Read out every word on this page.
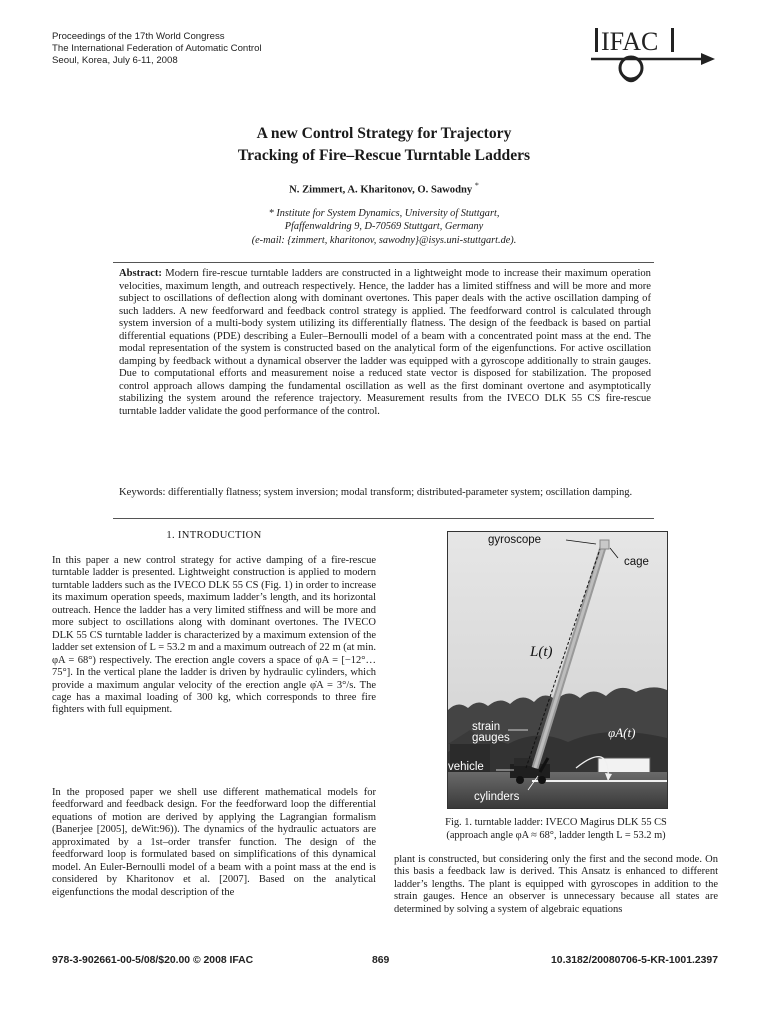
Proceedings of the 17th World Congress
The International Federation of Automatic Control
Seoul, Korea, July 6-11, 2008
IFAC
A new Control Strategy for Trajectory
Tracking of Fire–Rescue Turntable Ladders
N. Zimmert, A. Kharitonov, O. Sawodny *
* Institute for System Dynamics, University of Stuttgart,
Pfaffenwaldring 9, D-70569 Stuttgart, Germany
(e-mail: {zimmert, kharitonov, sawodny}@isys.uni-stuttgart.de).

Abstract: Modern fire-rescue turntable ladders are constructed in a lightweight mode to increase their maximum operation velocities, maximum length, and outreach respectively. Hence, the ladder has a limited stiffness and will be more and more subject to oscillations of deflection along with dominant overtones. This paper deals with the active oscillation damping of such ladders. A new feedforward and feedback control strategy is applied. The feedforward control is calculated through system inversion of a multi-body system utilizing its differentially flatness. The design of the feedback is based on partial differential equations (PDE) describing a Euler–Bernoulli model of a beam with a concentrated point mass at the end. The modal representation of the system is constructed based on the analytical form of the eigenfunctions. For active oscillation damping by feedback without a dynamical observer the ladder was equipped with a gyroscope additionally to strain gauges. Due to computational efforts and measurement noise a reduced state vector is disposed for stabilization. The proposed control approach allows damping the fundamental oscillation as well as the first dominant overtone and asymptotically stabilizing the system around the reference trajectory. Measurement results from the IVECO DLK 55 CS fire-rescue turntable ladder validate the good performance of the control.

Keywords: differentially flatness; system inversion; modal transform; distributed-parameter system; oscillation damping.

1. INTRODUCTION

In this paper a new control strategy for active damping of a fire-rescue turntable ladder is presented. Lightweight construction is applied to modern turntable ladders such as the IVECO DLK 55 CS (Fig. 1) in order to increase its maximum operation speeds, maximum ladder’s length, and its horizontal outreach. Hence the ladder has a very limited stiffness and will be more and more subject to oscillations along with dominant overtones. The IVECO DLK 55 CS turntable ladder is characterized by a maximum extension of the ladder set extension of L = 53.2 m and a maximum outreach of 22 m (at min. φA = 68°) respectively. The erection angle covers a space of φA = [−12°…75°]. In the vertical plane the ladder is driven by hydraulic cylinders, which provide a maximum angular velocity of the erection angle φ̇A = 3°/s. The cage has a maximal loading of 300 kg, which corresponds to three fire fighters with full equipment.

In the proposed paper we shell use different mathematical models for feedforward and feedback design. For the feedforward loop the differential equations of motion are derived by applying the Lagrangian formalism (Banerjee [2005], deWit:96)). The dynamics of the hydraulic actuators are approximated by a 1st–order transfer function. The design of the feedforward loop is formulated based on simplifications of this dynamical model. An Euler-Bernoulli model of a beam with a point mass at the end is considered by Kharitonov et al. [2007]. Based on the analytical eigenfunctions the modal description of the

gyroscope
cage
L(t)
strain
gauges	φA(t)
vehicle
cylinders
Fig. 1. turntable ladder: IVECO Magirus DLK 55 CS
(approach angle φA ≈ 68°, ladder length L = 53.2 m)

plant is constructed, but considering only the first and the second mode. On this basis a feedback law is derived. This Ansatz is enhanced to different ladder’s lengths. The plant is equipped with gyroscopes in addition to the strain gauges. Hence an observer is unnecessary because all states are determined by solving a system of algebraic equations

978-3-902661-00-5/08/$20.00 © 2008 IFAC	869	10.3182/20080706-5-KR-1001.2397
